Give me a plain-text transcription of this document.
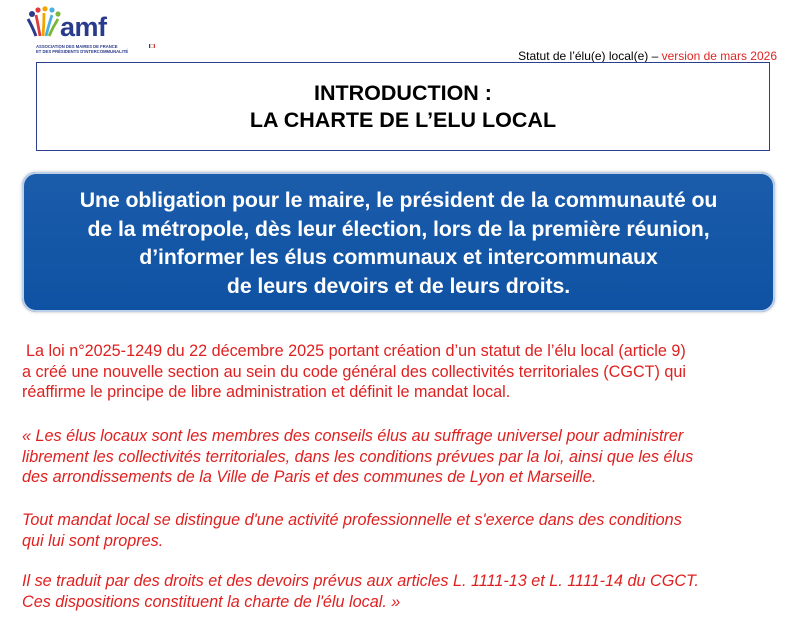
amf
ASSOCIATION DES MAIRES DE FRANCE
ET DES PRÉSIDENTS D'INTERCOMMUNALITÉ	Statut de l’élu(e) local(e) – version de mars 2026
INTRODUCTION :
LA CHARTE DE L’ELU LOCAL
Une obligation pour le maire, le président de la communauté ou
de la métropole, dès leur élection, lors de la première réunion,
d’informer les élus communaux et intercommunaux
de leurs devoirs et de leurs droits.
La loi n°2025-1249 du 22 décembre 2025 portant création d’un statut de l’élu local (article 9)
a créé une nouvelle section au sein du code général des collectivités territoriales (CGCT) qui
réaffirme le principe de libre administration et définit le mandat local.
« Les élus locaux sont les membres des conseils élus au suffrage universel pour administrer
librement les collectivités territoriales, dans les conditions prévues par la loi, ainsi que les élus
des arrondissements de la Ville de Paris et des communes de Lyon et Marseille.
Tout mandat local se distingue d'une activité professionnelle et s'exerce dans des conditions
qui lui sont propres.
Il se traduit par des droits et des devoirs prévus aux articles L. 1111-13 et L. 1111-14 du CGCT.
Ces dispositions constituent la charte de l'élu local. »
